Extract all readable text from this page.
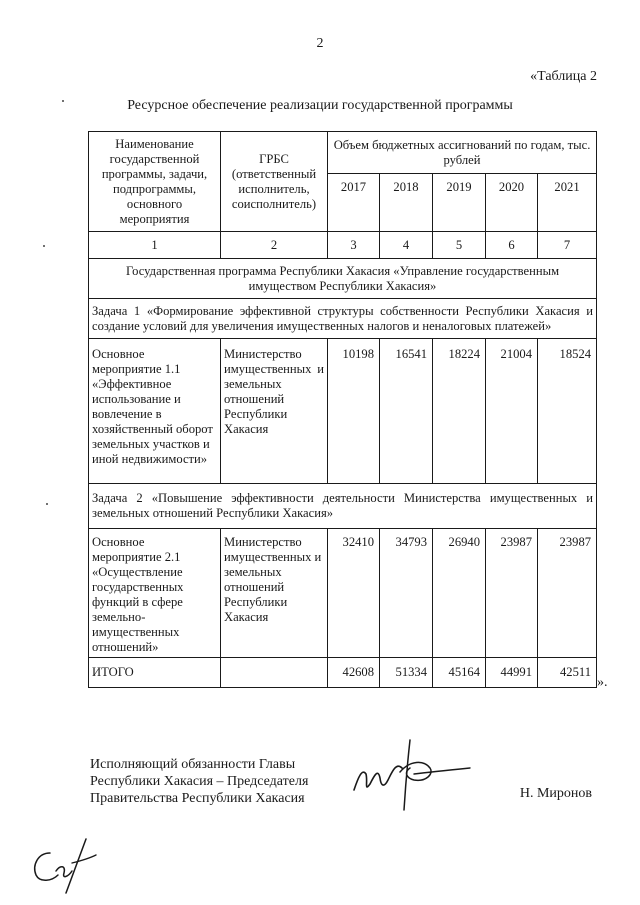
2
«Таблица 2
Ресурсное обеспечение реализации государственной программы
Наименование государственной программы, задачи, подпрограммы, основного мероприятия	ГРБС (ответственный исполнитель, соисполнитель)	Объем бюджетных ассигнований по годам, тыс. рублей				
		2017	2018	2019	2020	2021
1	2	3	4	5	6	7
Государственная программа Республики Хакасия «Управление государственным имуществом Республики Хакасия»						
Задача 1 «Формирование эффективной структуры собственности Республики Хакасия и создание условий для увеличения имущественных налогов и неналоговых платежей»						
Основное мероприятие 1.1 «Эффективное использование и вовлечение в хозяйственный оборот земельных участков и иной недвижимости»	Министерство имущественных и земельных отношений Республики Хакасия	10198	16541	18224	21004	18524
Задача 2 «Повышение эффективности деятельности Министерства имущественных и земельных отношений Республики Хакасия»						
Основное мероприятие 2.1 «Осуществление государственных функций в сфере земельно-имущественных отношений»	Министерство имущественных и земельных отношений Республики Хакасия	32410	34793	26940	23987	23987
ИТОГО		42608	51334	45164	44991	42511
».
Исполняющий обязанности Главы
Республики Хакасия – Председателя
Правительства Республики Хакасия	Н. Миронов
